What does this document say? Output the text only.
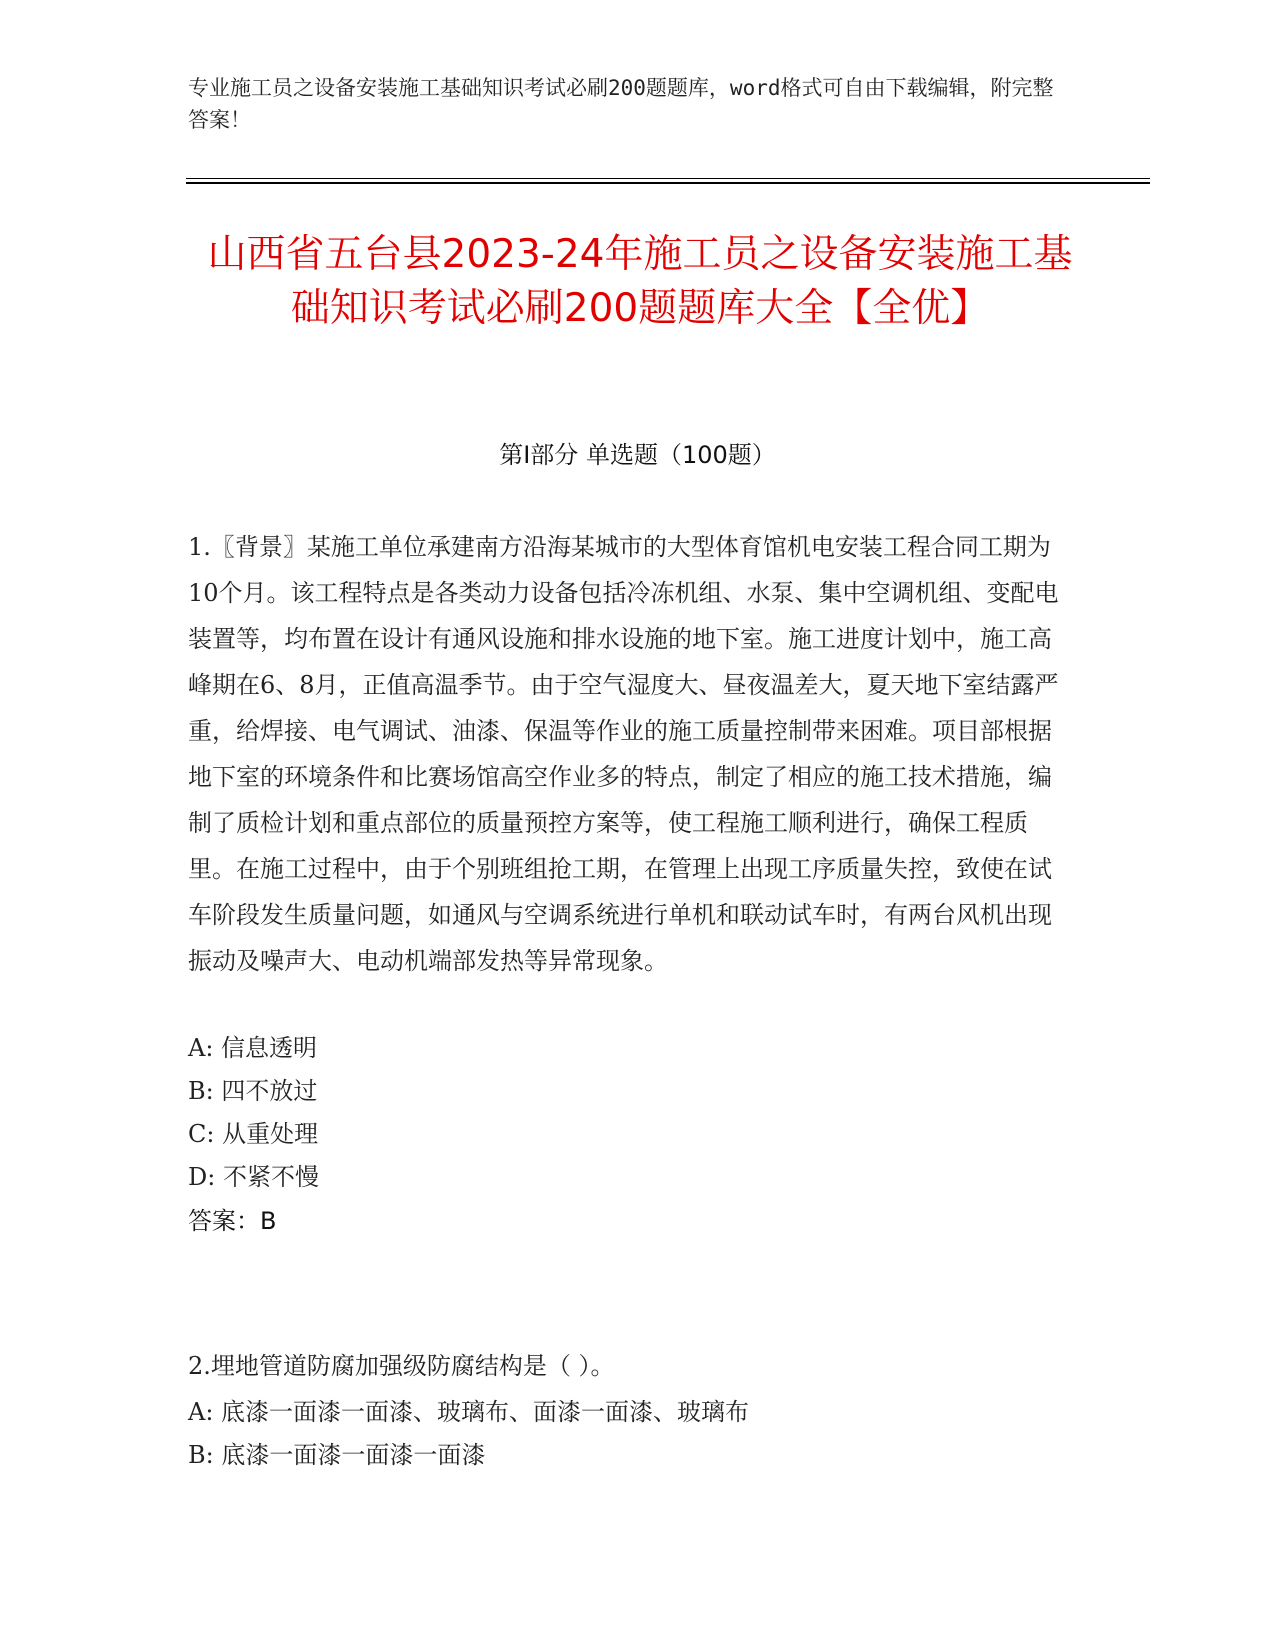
专业施工员之设备安装施工基础知识考试必刷200题题库，word格式可自由下载编辑，附完整答案！
山西省五台县2023-24年施工员之设备安装施工基础知识考试必刷200题题库大全【全优】
第I部分 单选题（100题）

1.〖背景〗某施工单位承建南方沿海某城市的大型体育馆机电安装工程合同工期为10个月。该工程特点是各类动力设备包括冷冻机组、水泵、集中空调机组、变配电装置等，均布置在设计有通风设施和排水设施的地下室。施工进度计划中，施工高峰期在6、8月，正值高温季节。由于空气湿度大、昼夜温差大，夏天地下室结露严重，给焊接、电气调试、油漆、保温等作业的施工质量控制带来困难。项目部根据地下室的环境条件和比赛场馆高空作业多的特点，制定了相应的施工技术措施，编制了质检计划和重点部位的质量预控方案等，使工程施工顺利进行，确保工程质里。在施工过程中，由于个别班组抢工期，在管理上出现工序质量失控，致使在试车阶段发生质量问题，如通风与空调系统进行单机和联动试车时，有两台风机出现振动及噪声大、电动机端部发热等异常现象。

A: 信息透明

B: 四不放过

C: 从重处理

D: 不紧不慢

答案：B

2.埋地管道防腐加强级防腐结构是（ ）。

A: 底漆一面漆一面漆、玻璃布、面漆一面漆、玻璃布

B: 底漆一面漆一面漆一面漆
